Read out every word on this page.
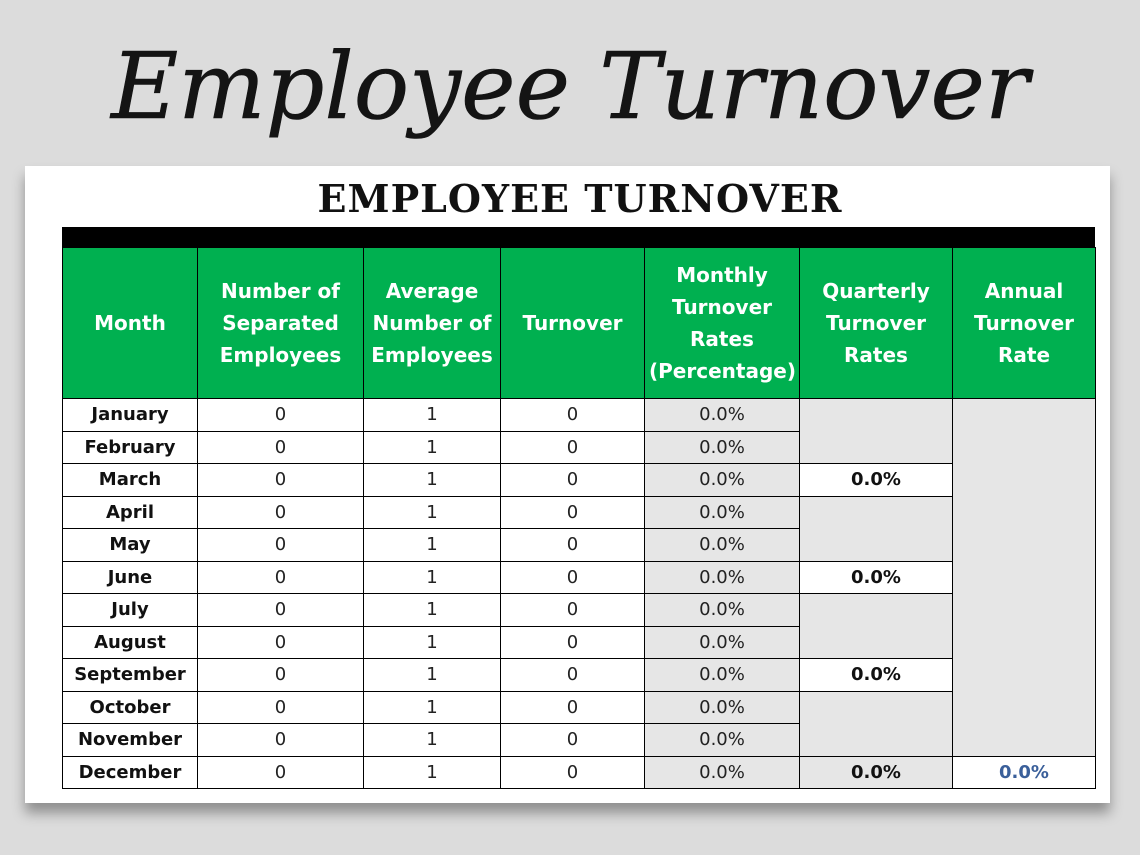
Employee Turnover
EMPLOYEE TURNOVER
Month	Number of Separated Employees	Average Number of Employees	Turnover	Monthly Turnover Rates (Percentage)	Quarterly Turnover Rates	Annual Turnover Rate
January	0	1	0	0.0%		
February	0	1	0	0.0%		
March	0	1	0	0.0%	0.0%	
April	0	1	0	0.0%		
May	0	1	0	0.0%		
June	0	1	0	0.0%	0.0%	
July	0	1	0	0.0%		
August	0	1	0	0.0%		
September	0	1	0	0.0%	0.0%	
October	0	1	0	0.0%		
November	0	1	0	0.0%		
December	0	1	0	0.0%	0.0%	0.0%
